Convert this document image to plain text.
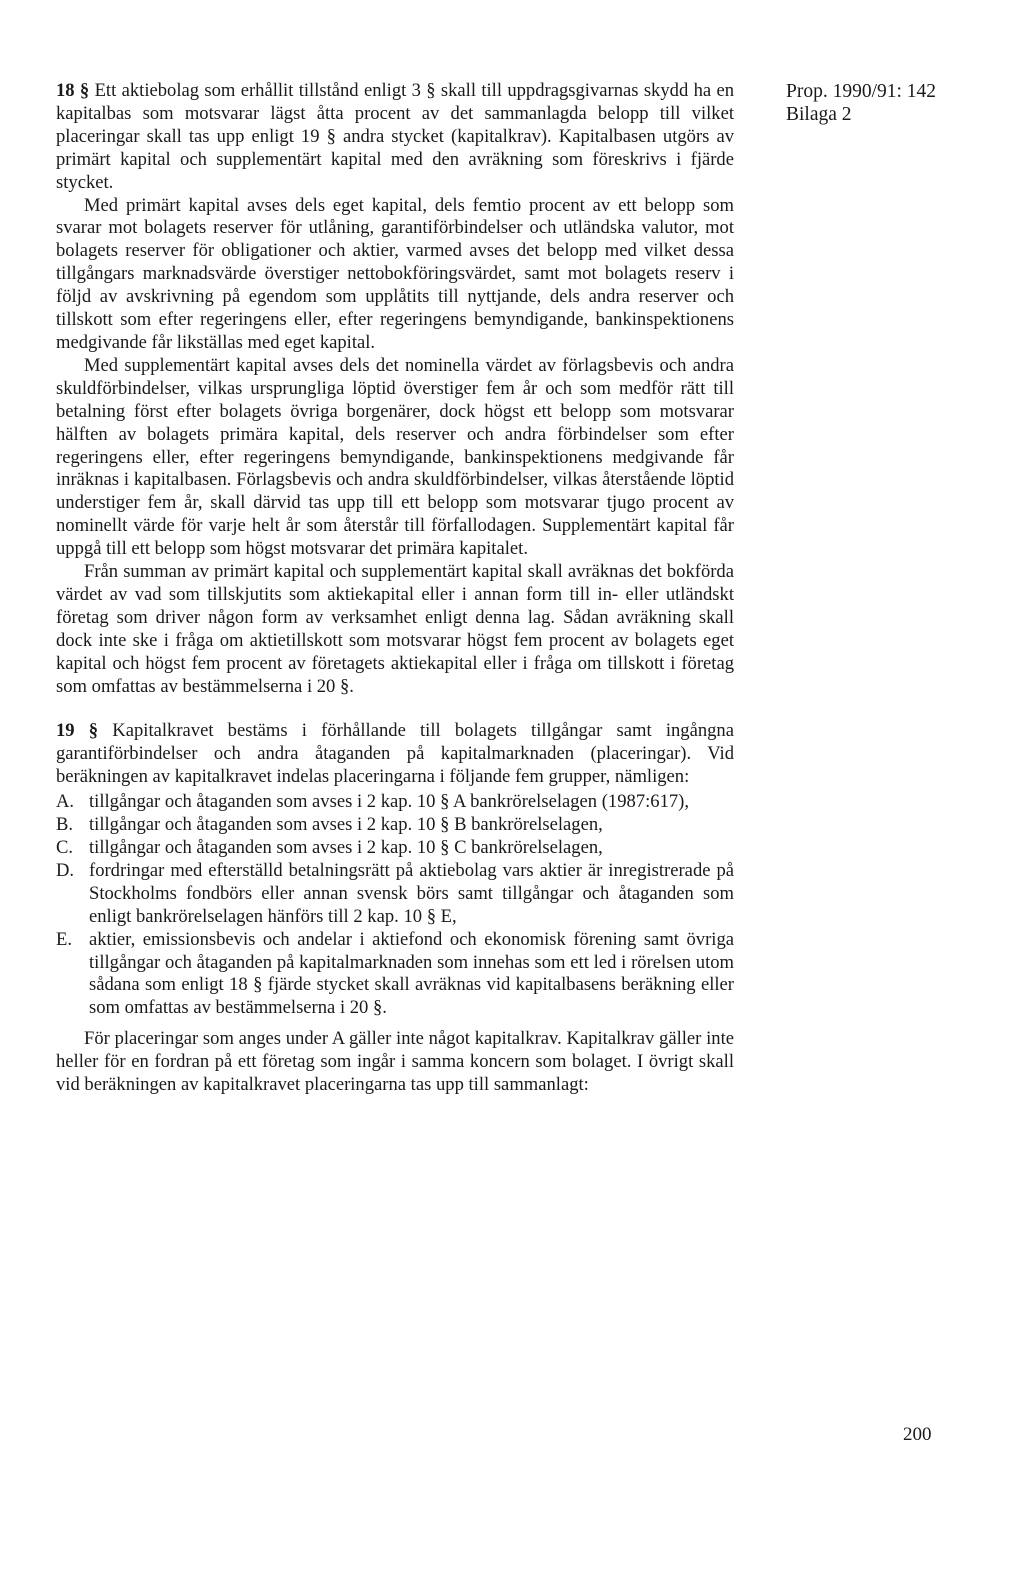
Prop. 1990/91: 142
Bilaga 2

18 § Ett aktiebolag som erhållit tillstånd enligt 3 § skall till uppdragsgivarnas skydd ha en kapitalbas som motsvarar lägst åtta procent av det sammanlagda belopp till vilket placeringar skall tas upp enligt 19 § andra stycket (kapitalkrav). Kapitalbasen utgörs av primärt kapital och supplementärt kapital med den avräkning som föreskrivs i fjärde stycket.

Med primärt kapital avses dels eget kapital, dels femtio procent av ett belopp som svarar mot bolagets reserver för utlåning, garantiförbindelser och utländska valutor, mot bolagets reserver för obligationer och aktier, varmed avses det belopp med vilket dessa tillgångars marknadsvärde överstiger nettobokföringsvärdet, samt mot bolagets reserv i följd av avskrivning på egendom som upplåtits till nyttjande, dels andra reserver och tillskott som efter regeringens eller, efter regeringens bemyndigande, bankinspektionens medgivande får likställas med eget kapital.

Med supplementärt kapital avses dels det nominella värdet av förlagsbevis och andra skuldförbindelser, vilkas ursprungliga löptid överstiger fem år och som medför rätt till betalning först efter bolagets övriga borgenärer, dock högst ett belopp som motsvarar hälften av bolagets primära kapital, dels reserver och andra förbindelser som efter regeringens eller, efter regeringens bemyndigande, bankinspektionens medgivande får inräknas i kapitalbasen. Förlagsbevis och andra skuldförbindelser, vilkas återstående löptid understiger fem år, skall därvid tas upp till ett belopp som motsvarar tjugo procent av nominellt värde för varje helt år som återstår till förfallodagen. Supplementärt kapital får uppgå till ett belopp som högst motsvarar det primära kapitalet.

Från summan av primärt kapital och supplementärt kapital skall avräknas det bokförda värdet av vad som tillskjutits som aktiekapital eller i annan form till in- eller utländskt företag som driver någon form av verksamhet enligt denna lag. Sådan avräkning skall dock inte ske i fråga om aktietillskott som motsvarar högst fem procent av bolagets eget kapital och högst fem procent av företagets aktiekapital eller i fråga om tillskott i företag som omfattas av bestämmelserna i 20 §.

19 § Kapitalkravet bestäms i förhållande till bolagets tillgångar samt ingångna garantiförbindelser och andra åtaganden på kapitalmarknaden (placeringar). Vid beräkningen av kapitalkravet indelas placeringarna i följande fem grupper, nämligen:

A. tillgångar och åtaganden som avses i 2 kap. 10 § A bankrörelselagen (1987:617),
B. tillgångar och åtaganden som avses i 2 kap. 10 § B bankrörelselagen,
C. tillgångar och åtaganden som avses i 2 kap. 10 § C bankrörelselagen,
D. fordringar med efterställd betalningsrätt på aktiebolag vars aktier är inregistrerade på Stockholms fondbörs eller annan svensk börs samt tillgångar och åtaganden som enligt bankrörelselagen hänförs till 2 kap. 10 § E,
E. aktier, emissionsbevis och andelar i aktiefond och ekonomisk förening samt övriga tillgångar och åtaganden på kapitalmarknaden som innehas som ett led i rörelsen utom sådana som enligt 18 § fjärde stycket skall avräknas vid kapitalbasens beräkning eller som omfattas av bestämmelserna i 20 §.

För placeringar som anges under A gäller inte något kapitalkrav. Kapitalkrav gäller inte heller för en fordran på ett företag som ingår i samma koncern som bolaget. I övrigt skall vid beräkningen av kapitalkravet placeringarna tas upp till sammanlagt:

200
